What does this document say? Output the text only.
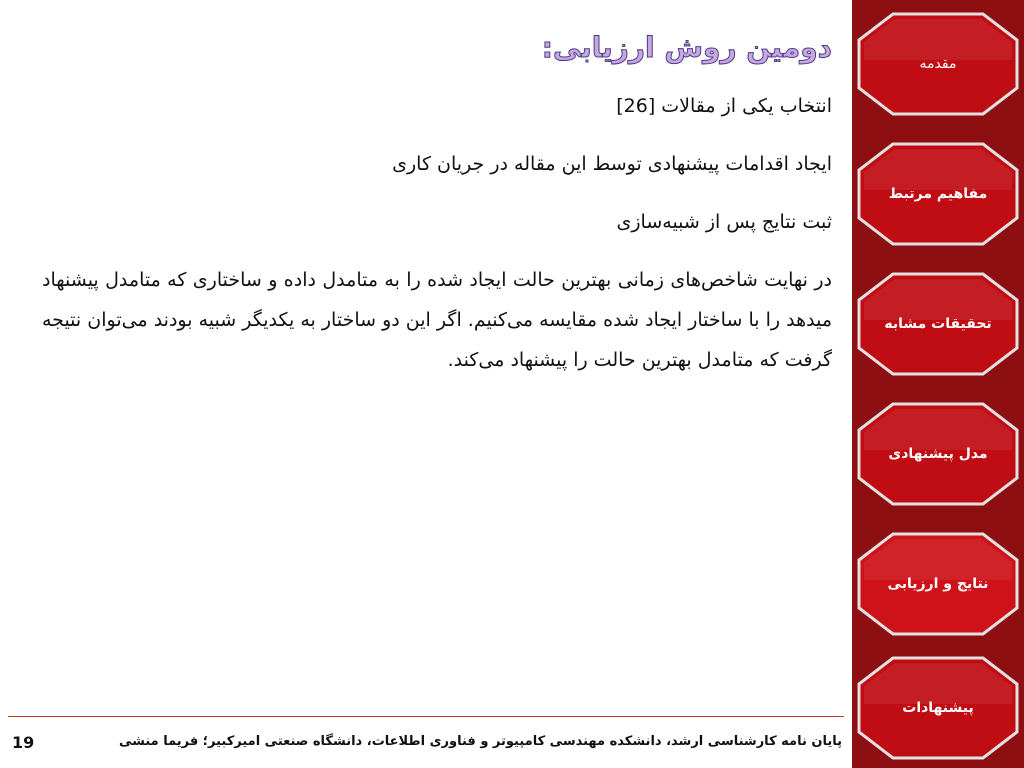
دومین روش ارزیابی:

انتخاب یکی از مقالات [26]

ایجاد اقدامات پیشنهادی توسط این مقاله در جریان کاری

ثبت نتایج پس از شبیه‌سازی

در نهایت شاخص‌های زمانی بهترین حالت ایجاد شده را به متامدل داده و ساختاری که متامدل پیشنهاد میدهد را با ساختار ایجاد شده مقایسه می‌کنیم. اگر این دو ساختار به یکدیگر شبیه بودند می‌توان نتیجه گرفت که متامدل بهترین حالت را پیشنهاد می‌کند.

مقدمه
مفاهیم مرتبط
تحقیقات مشابه
مدل پیشنهادی
نتایج و ارزیابی
پیشنهادات
پایان نامه کارشناسی ارشد، دانشکده مهندسی کامپیوتر و فناوری اطلاعات، دانشگاه صنعتی امیرکبیر؛ فریما منشی
19
